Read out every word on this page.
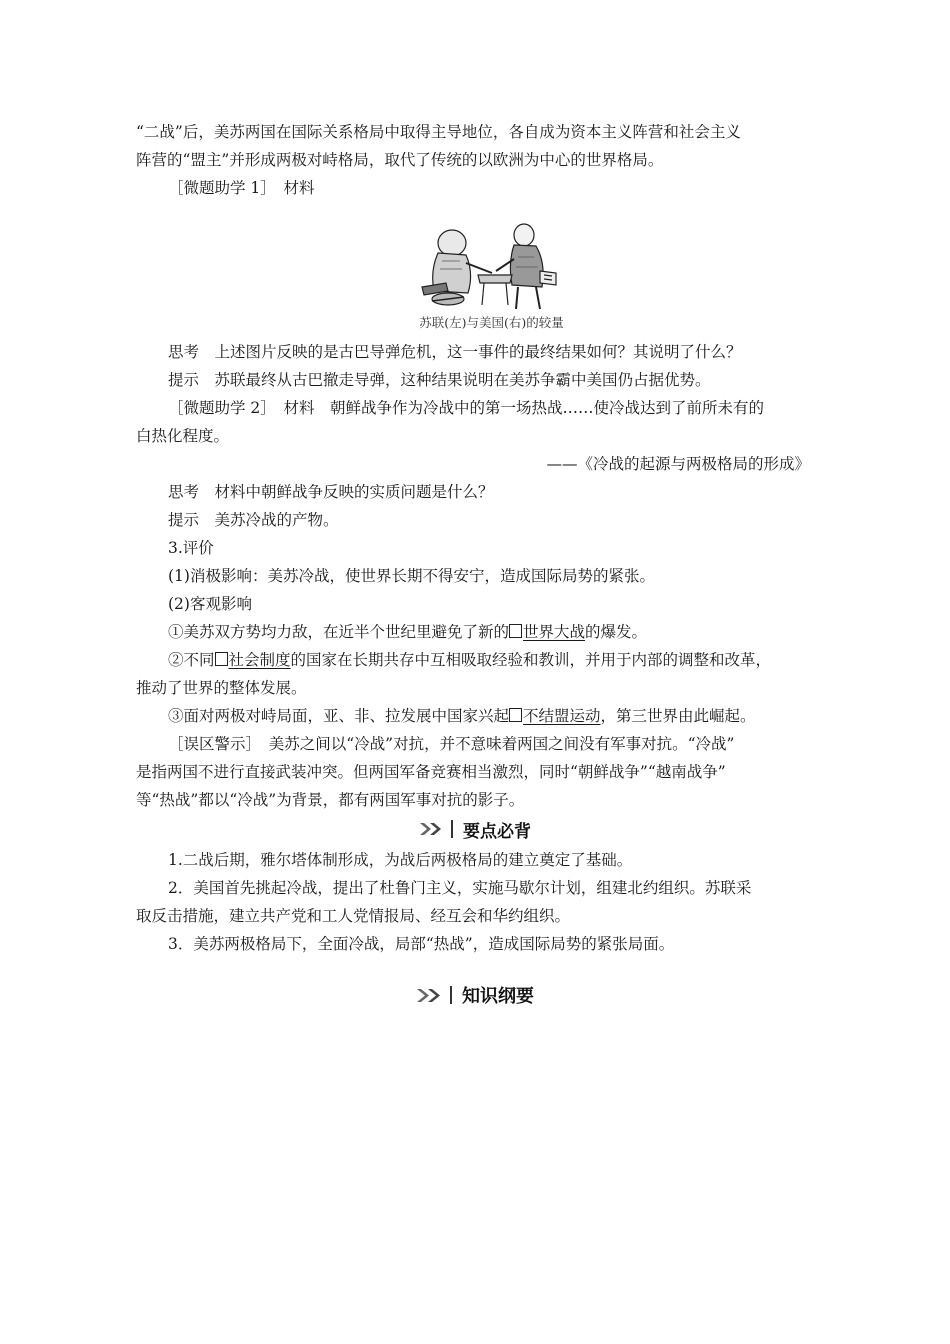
“二战”后，美苏两国在国际关系格局中取得主导地位，各自成为资本主义阵营和社会主义
阵营的“盟主”并形成两极对峙格局，取代了传统的以欧洲为中心的世界格局。
［微题助学 1］　材料
苏联(左)与美国(右)的较量
思考　上述图片反映的是古巴导弹危机，这一事件的最终结果如何？其说明了什么？
提示　苏联最终从古巴撤走导弹，这种结果说明在美苏争霸中美国仍占据优势。
［微题助学 2］　材料　朝鲜战争作为冷战中的第一场热战……使冷战达到了前所未有的
白热化程度。
——《冷战的起源与两极格局的形成》
思考　材料中朝鲜战争反映的实质问题是什么？
提示　美苏冷战的产物。
3.评价
(1)消极影响：美苏冷战，使世界长期不得安宁，造成国际局势的紧张。
(2)客观影响
①美苏双方势均力敌，在近半个世纪里避免了新的 世界大战的爆发。
②不同 社会制度的国家在长期共存中互相吸取经验和教训，并用于内部的调整和改革，
推动了世界的整体发展。
③面对两极对峙局面，亚、非、拉发展中国家兴起 不结盟运动，第三世界由此崛起。
［误区警示］　美苏之间以“冷战”对抗，并不意味着两国之间没有军事对抗。“冷战”
是指两国不进行直接武装冲突。但两国军备竞赛相当激烈，同时“朝鲜战争”“越南战争”
等“热战”都以“冷战”为背景，都有两国军事对抗的影子。
要点必背
1.二战后期，雅尔塔体制形成，为战后两极格局的建立奠定了基础。
2．美国首先挑起冷战，提出了杜鲁门主义，实施马歇尔计划，组建北约组织。苏联采
取反击措施，建立共产党和工人党情报局、经互会和华约组织。
3．美苏两极格局下，全面冷战，局部“热战”，造成国际局势的紧张局面。
知识纲要
